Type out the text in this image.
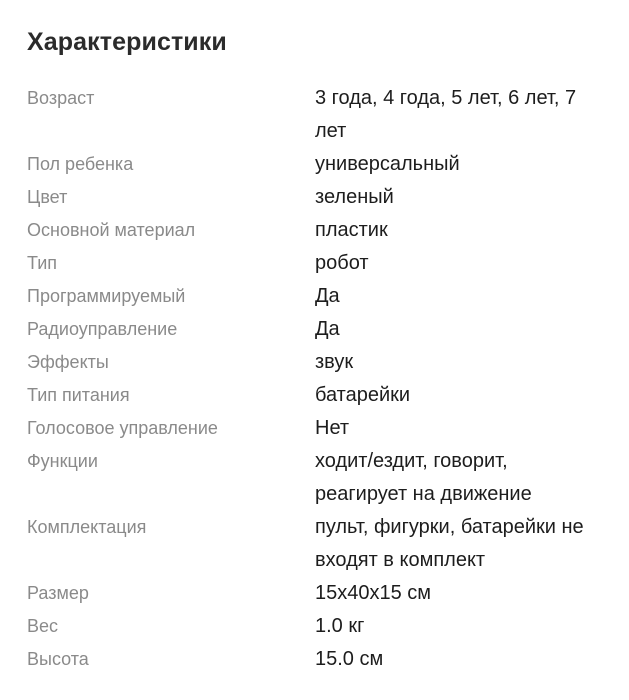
Характеристики
Возраст	3 года, 4 года, 5 лет, 6 лет, 7 лет
Пол ребенка	универсальный
Цвет	зеленый
Основной материал	пластик
Тип	робот
Программируемый	Да
Радиоуправление	Да
Эффекты	звук
Тип питания	батарейки
Голосовое управление	Нет
Функции	ходит/ездит, говорит, реагирует на движение
Комплектация	пульт, фигурки, батарейки не входят в комплект
Размер	15x40x15 см
Вес	1.0 кг
Высота	15.0 см
